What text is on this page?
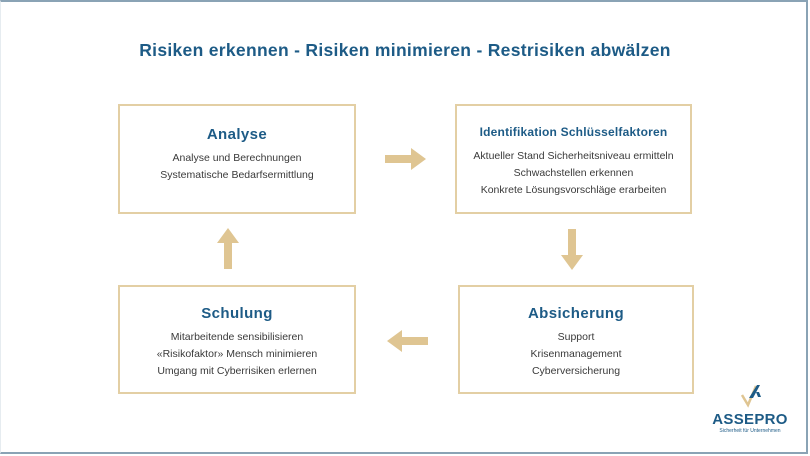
Risiken erkennen - Risiken minimieren - Restrisiken abwälzen
Analyse
Analyse und Berechnungen
Systematische Bedarfsermittlung
Identifikation Schlüsselfaktoren
Aktueller Stand Sicherheitsniveau ermitteln
Schwachstellen erkennen
Konkrete Lösungsvorschläge erarbeiten
Schulung
Mitarbeitende sensibilisieren
«Risikofaktor» Mensch minimieren
Umgang mit Cyberrisiken erlernen
Absicherung
Support
Krisenmanagement
Cyberversicherung
ASSEPRO
Sicherheit für Unternehmen
